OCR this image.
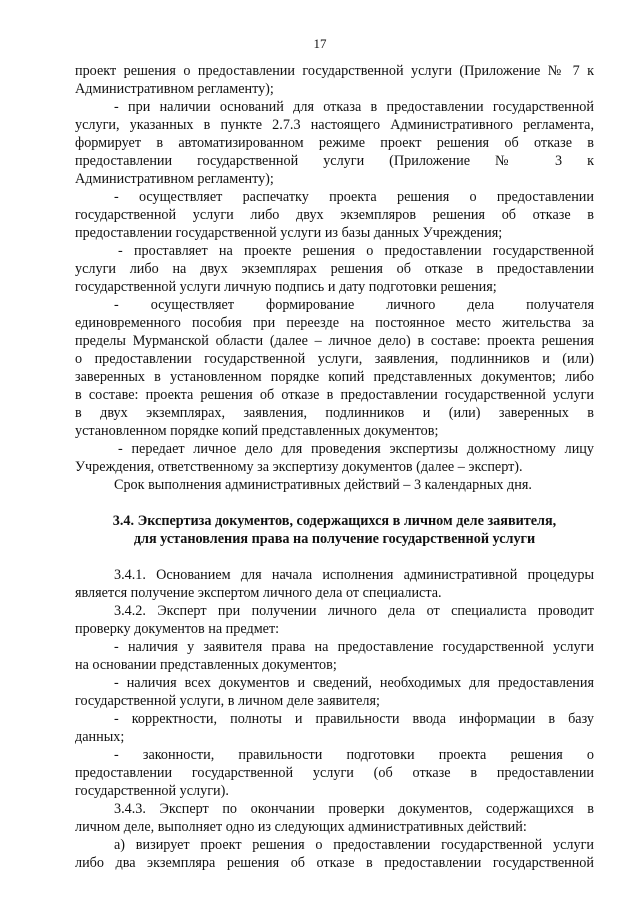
17
проект решения о предоставлении государственной услуги (Приложение № 7 к
Административном регламенту);
- при наличии оснований для отказа в предоставлении государственной
услуги, указанных в пункте 2.7.3 настоящего Административного регламента,
формирует в автоматизированном режиме проект решения об отказе в
предоставлении государственной услуги (Приложение № 3 к
Административном регламенту);
- осуществляет распечатку проекта решения о предоставлении
государственной услуги либо двух экземпляров решения об отказе в
предоставлении государственной услуги из базы данных Учреждения;
- проставляет на проекте решения о предоставлении государственной
услуги либо на двух экземплярах решения об отказе в предоставлении
государственной услуги личную подпись и дату подготовки решения;
- осуществляет формирование личного дела получателя
единовременного пособия при переезде на постоянное место жительства за
пределы Мурманской области (далее – личное дело) в составе: проекта решения
о предоставлении государственной услуги, заявления, подлинников и (или)
заверенных в установленном порядке копий представленных документов; либо
в составе: проекта решения об отказе в предоставлении государственной услуги
в двух экземплярах, заявления, подлинников и (или) заверенных в
установленном порядке копий представленных документов;
- передает личное дело для проведения экспертизы должностному лицу
Учреждения, ответственному за экспертизу документов (далее – эксперт).
Срок выполнения административных действий – 3 календарных дня.
3.4. Экспертиза документов, содержащихся в личном деле заявителя,
для установления права на получение государственной услуги
3.4.1. Основанием для начала исполнения административной процедуры
является получение экспертом личного дела от специалиста.
3.4.2. Эксперт при получении личного дела от специалиста проводит
проверку документов на предмет:
- наличия у заявителя права на предоставление государственной услуги
на основании представленных документов;
- наличия всех документов и сведений, необходимых для предоставления
государственной услуги, в личном деле заявителя;
- корректности, полноты и правильности ввода информации в базу
данных;
- законности, правильности подготовки проекта решения о
предоставлении государственной услуги (об отказе в предоставлении
государственной услуги).
3.4.3. Эксперт по окончании проверки документов, содержащихся в
личном деле, выполняет одно из следующих административных действий:
а) визирует проект решения о предоставлении государственной услуги
либо два экземпляра решения об отказе в предоставлении государственной
